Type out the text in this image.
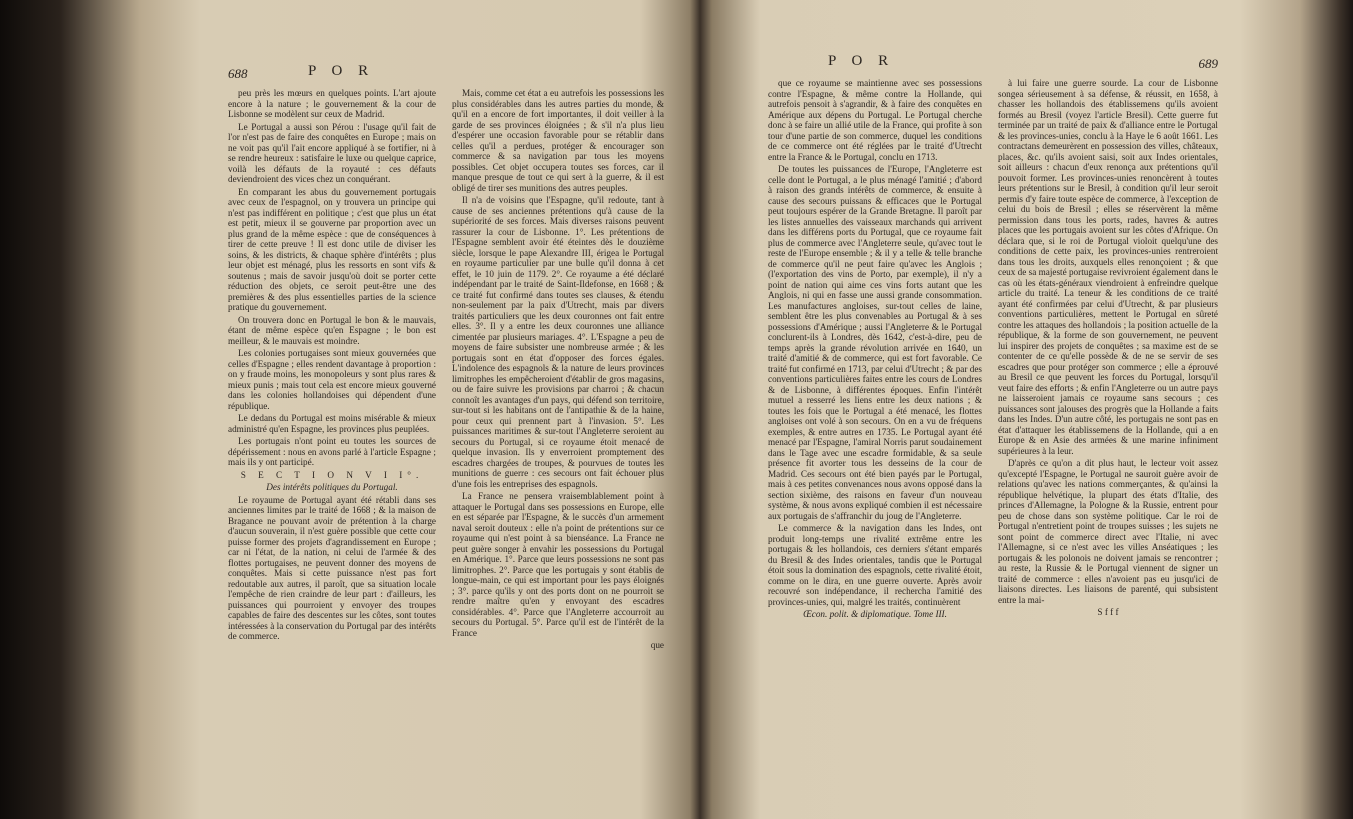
688	P O R

peu près les mœurs en quelques points. L'art ajoute encore à la nature ; le gouvernement & la cour de Lisbonne se modèlent sur ceux de Madrid.

Le Portugal a aussi son Pérou : l'usage qu'il fait de l'or n'est pas de faire des conquêtes en Europe ; mais on ne voit pas qu'il l'ait encore appliqué à se fortifier, ni à se rendre heureux : satisfaire le luxe ou quelque caprice, voilà les défauts de la royauté : ces défauts deviendroient des vices chez un conquérant.

En comparant les abus du gouvernement portugais avec ceux de l'espagnol, on y trouvera un principe qui n'est pas indifférent en politique ; c'est que plus un état est petit, mieux il se gouverne par proportion avec un plus grand de la même espèce : que de conséquences à tirer de cette preuve ! Il est donc utile de diviser les soins, & les districts, & chaque sphère d'intérêts ; plus leur objet est ménagé, plus les ressorts en sont vifs & soutenus ; mais de savoir jusqu'où doit se porter cette réduction des objets, ce seroit peut-être une des premières & des plus essentielles parties de la science pratique du gouvernement.

On trouvera donc en Portugal le bon & le mauvais, étant de même espèce qu'en Espagne ; le bon est meilleur, & le mauvais est moindre.

Les colonies portugaises sont mieux gouvernées que celles d'Espagne ; elles rendent davantage à proportion : on y fraude moins, les monopoleurs y sont plus rares & mieux punis ; mais tout cela est encore mieux gouverné dans les colonies hollandoises qui dépendent d'une république.

Le dedans du Portugal est moins misérable & mieux administré qu'en Espagne, les provinces plus peuplées.

Les portugais n'ont point eu toutes les sources de dépérissement : nous en avons parlé à l'article Espagne ; mais ils y ont participé.

S E C T I O N V I I°.

Des intérêts politiques du Portugal.

Le royaume de Portugal ayant été rétabli dans ses anciennes limites par le traité de 1668 ; & la maison de Bragance ne pouvant avoir de prétention à la charge d'aucun souverain, il n'est guère possible que cette cour puisse former des projets d'agrandissement en Europe ; car ni l'état, de la nation, ni celui de l'armée & des flottes portugaises, ne peuvent donner des moyens de conquêtes. Mais si cette puissance n'est pas fort redoutable aux autres, il paroît, que sa situation locale l'empêche de rien craindre de leur part : d'ailleurs, les puissances qui pourroient y envoyer des troupes capables de faire des descentes sur les côtes, sont toutes intéressées à la conservation du Portugal par des intérêts de commerce.

Mais, comme cet état a eu autrefois les possessions les plus considérables dans les autres parties du monde, & qu'il en a encore de fort importantes, il doit veiller à la garde de ses provinces éloignées ; & s'il n'a plus lieu d'espérer une occasion favorable pour se rétablir dans celles qu'il a perdues, protéger & encourager son commerce & sa navigation par tous les moyens possibles. Cet objet occupera toutes ses forces, car il manque presque de tout ce qui sert à la guerre, & il est obligé de tirer ses munitions des autres peuples.

Il n'a de voisins que l'Espagne, qu'il redoute, tant à cause de ses anciennes prétentions qu'à cause de la supériorité de ses forces. Mais diverses raisons peuvent rassurer la cour de Lisbonne. 1°. Les prétentions de l'Espagne semblent avoir été éteintes dès le douzième siècle, lorsque le pape Alexandre III, érigea le Portugal en royaume particulier par une bulle qu'il donna à cet effet, le 10 juin de 1179. 2°. Ce royaume a été déclaré indépendant par le traité de Saint-Ildefonse, en 1668 ; & ce traité fut confirmé dans toutes ses clauses, & étendu non-seulement par la paix d'Utrecht, mais par divers traités particuliers que les deux couronnes ont fait entre elles. 3°. Il y a entre les deux couronnes une alliance cimentée par plusieurs mariages. 4°. L'Espagne a peu de moyens de faire subsister une nombreuse armée ; & les portugais sont en état d'opposer des forces égales. L'indolence des espagnols & la nature de leurs provinces limitrophes les empêcheroient d'établir de gros magasins, ou de faire suivre les provisions par charroi ; & chacun connoît les avantages d'un pays, qui défend son territoire, sur-tout si les habitans ont de l'antipathie & de la haine, pour ceux qui prennent part à l'invasion. 5°. Les puissances maritimes & sur-tout l'Angleterre seroient au secours du Portugal, si ce royaume étoit menacé de quelque invasion. Ils y enverroient promptement des escadres chargées de troupes, & pourvues de toutes les munitions de guerre : ces secours ont fait échouer plus d'une fois les entreprises des espagnols.

La France ne pensera vraisemblablement point à attaquer le Portugal dans ses possessions en Europe, elle en est séparée par l'Espagne, & le succès d'un armement naval seroit douteux : elle n'a point de prétentions sur ce royaume qui n'est point à sa bienséance. La France ne peut guère songer à envahir les possessions du Portugal en Amérique. 1°. Parce que leurs possessions ne sont pas limitrophes. 2°. Parce que les portugais y sont établis de longue-main, ce qui est important pour les pays éloignés ; 3°. parce qu'ils y ont des ports dont on ne pourroit se rendre maître qu'en y envoyant des escadres considérables. 4°. Parce que l'Angleterre accourroit au secours du Portugal. 5°. Parce qu'il est de l'intérêt de la France

que

P O R	689

que ce royaume se maintienne avec ses possessions contre l'Espagne, & même contre la Hollande, qui autrefois pensoit à s'agrandir, & à faire des conquêtes en Amérique aux dépens du Portugal. Le Portugal cherche donc à se faire un allié utile de la France, qui profite à son tour d'une partie de son commerce, duquel les conditions de ce commerce ont été réglées par le traité d'Utrecht entre la France & le Portugal, conclu en 1713.

De toutes les puissances de l'Europe, l'Angleterre est celle dont le Portugal, a le plus ménagé l'amitié ; d'abord à raison des grands intérêts de commerce, & ensuite à cause des secours puissans & efficaces que le Portugal peut toujours espérer de la Grande Bretagne. Il paroît par les listes annuelles des vaisseaux marchands qui arrivent dans les différens ports du Portugal, que ce royaume fait plus de commerce avec l'Angleterre seule, qu'avec tout le reste de l'Europe ensemble ; & il y a telle & telle branche de commerce qu'il ne peut faire qu'avec les Anglois ; (l'exportation des vins de Porto, par exemple), il n'y a point de nation qui aime ces vins forts autant que les Anglois, ni qui en fasse une aussi grande consommation. Les manufactures angloises, sur-tout celles de laine, semblent être les plus convenables au Portugal & à ses possessions d'Amérique ; aussi l'Angleterre & le Portugal conclurent-ils à Londres, dès 1642, c'est-à-dire, peu de temps après la grande révolution arrivée en 1640, un traité d'amitié & de commerce, qui est fort favorable. Ce traité fut confirmé en 1713, par celui d'Utrecht ; & par des conventions particulières faites entre les cours de Londres & de Lisbonne, à différentes époques. Enfin l'intérêt mutuel a resserré les liens entre les deux nations ; & toutes les fois que le Portugal a été menacé, les flottes angloises ont volé à son secours. On en a vu de fréquens exemples, & entre autres en 1735. Le Portugal ayant été menacé par l'Espagne, l'amiral Norris parut soudainement dans le Tage avec une escadre formidable, & sa seule présence fit avorter tous les desseins de la cour de Madrid. Ces secours ont été bien payés par le Portugal, mais à ces petites convenances nous avons opposé dans la section sixième, des raisons en faveur d'un nouveau système, & nous avons expliqué combien il est nécessaire aux portugais de s'affranchir du joug de l'Angleterre.

Le commerce & la navigation dans les Indes, ont produit long-temps une rivalité extrême entre les portugais & les hollandois, ces derniers s'étant emparés du Bresil & des Indes orientales, tandis que le Portugal étoit sous la domination des espagnols, cette rivalité étoit, comme on le dira, en une guerre ouverte. Après avoir recouvré son indépendance, il rechercha l'amitié des provinces-unies, qui, malgré les traités, continuèrent

Œcon. polit. & diplomatique. Tome III.

à lui faire une guerre sourde. La cour de Lisbonne songea sérieusement à sa défense, & réussit, en 1658, à chasser les hollandois des établissemens qu'ils avoient formés au Bresil (voyez l'article Bresil). Cette guerre fut terminée par un traité de paix & d'alliance entre le Portugal & les provinces-unies, conclu à la Haye le 6 août 1661. Les contractans demeurèrent en possession des villes, châteaux, places, &c. qu'ils avoient saisi, soit aux Indes orientales, soit ailleurs : chacun d'eux renonça aux prétentions qu'il pouvoit former. Les provinces-unies renoncèrent à toutes leurs prétentions sur le Bresil, à condition qu'il leur seroit permis d'y faire toute espèce de commerce, à l'exception de celui du bois de Bresil ; elles se réservèrent la même permission dans tous les ports, rades, havres & autres places que les portugais avoient sur les côtes d'Afrique. On déclara que, si le roi de Portugal violoit quelqu'une des conditions de cette paix, les provinces-unies rentreroient dans tous les droits, auxquels elles renonçoient ; & que ceux de sa majesté portugaise revivroient également dans le cas où les états-généraux viendroient à enfreindre quelque article du traité. La teneur & les conditions de ce traité ayant été confirmées par celui d'Utrecht, & par plusieurs conventions particulières, mettent le Portugal en sûreté contre les attaques des hollandois ; la position actuelle de la république, & la forme de son gouvernement, ne peuvent lui inspirer des projets de conquêtes ; sa maxime est de se contenter de ce qu'elle possède & de ne se servir de ses escadres que pour protéger son commerce ; elle a éprouvé au Bresil ce que peuvent les forces du Portugal, lorsqu'il veut faire des efforts ; & enfin l'Angleterre ou un autre pays ne laisseroient jamais ce royaume sans secours ; ces puissances sont jalouses des progrès que la Hollande a faits dans les Indes. D'un autre côté, les portugais ne sont pas en état d'attaquer les établissemens de la Hollande, qui a en Europe & en Asie des armées & une marine infiniment supérieures à la leur.

D'après ce qu'on a dit plus haut, le lecteur voit assez qu'excepté l'Espagne, le Portugal ne sauroit guère avoir de relations qu'avec les nations commerçantes, & qu'ainsi la république helvétique, la plupart des états d'Italie, des princes d'Allemagne, la Pologne & la Russie, entrent pour peu de chose dans son système politique. Car le roi de Portugal n'entretient point de troupes suisses ; les sujets ne sont point de commerce direct avec l'Italie, ni avec l'Allemagne, si ce n'est avec les villes Anséatiques ; les portugais & les polonois ne doivent jamais se rencontrer ; au reste, la Russie & le Portugal viennent de signer un traité de commerce : elles n'avoient pas eu jusqu'ici de liaisons directes. Les liaisons de parenté, qui subsistent entre la mai-

S f f f
